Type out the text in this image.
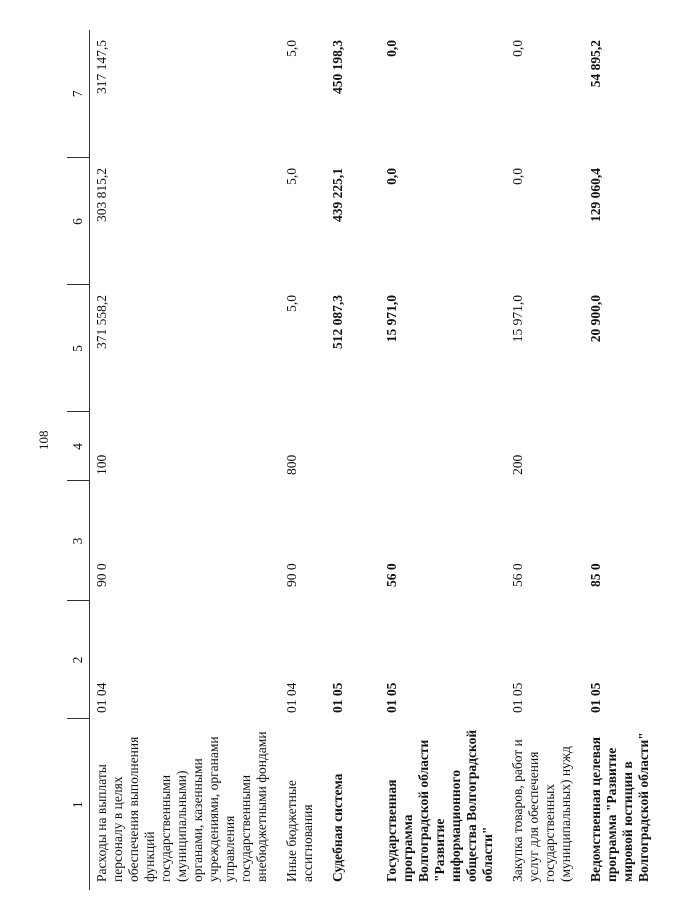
108
1	2	3	4	5	6	7
Расходы на выплаты персоналу в целях обеспечения выполнения функций государственными (муниципальными) органами, казенными учреждениями, органами управления государственными внебюджетными фондами	01 04	90 0	100	371 558,2	303 815,2	317 147,5
Иные бюджетные ассигнования	01 04	90 0	800	5,0	5,0	5,0
Судебная система	01 05			512 087,3	439 225,1	450 198,3
Государственная программа Волгоградской области "Развитие информационного общества Волгоградской области"	01 05	56 0		15 971,0	0,0	0,0
Закупка товаров, работ и услуг для обеспечения государственных (муниципальных) нужд	01 05	56 0	200	15 971,0	0,0	0,0
Ведомственная целевая программа "Развитие мировой юстиции в Волгоградской области"	01 05	85 0		20 900,0	129 060,4	54 895,2
